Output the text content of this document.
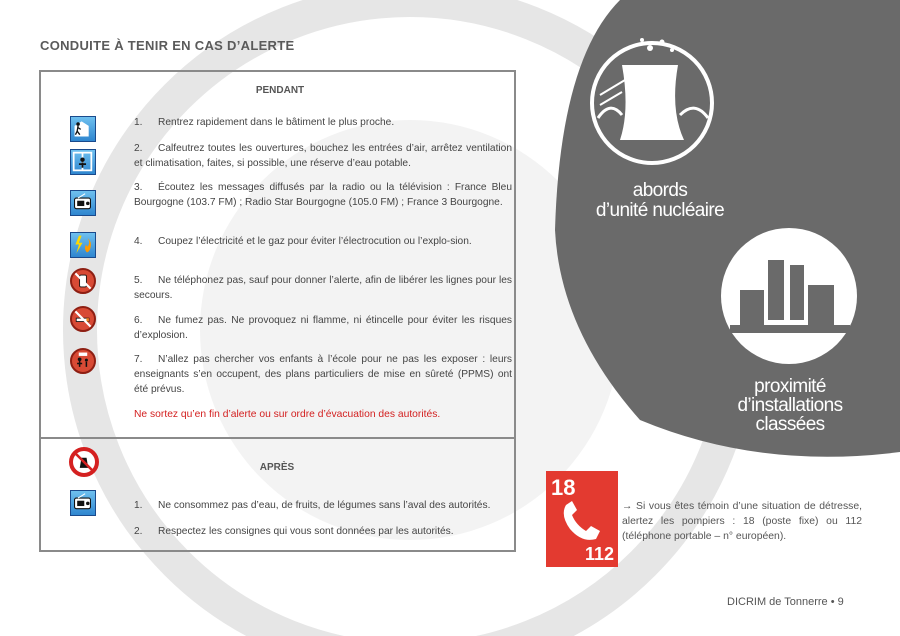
CONDUITE À TENIR EN CAS D’ALERTE
PENDANT
1. Rentrez rapidement dans le bâtiment le plus proche.
2. Calfeutrez toutes les ouvertures, bouchez les entrées d’air, arrêtez ventilation et climatisation, faites, si possible, une réserve d’eau potable.
3. Écoutez les messages diffusés par la radio ou la télévision : France Bleu Bourgogne (103.7 FM) ; Radio Star Bourgogne (105.0 FM) ; France 3 Bourgogne.
4. Coupez l’électricité et le gaz pour éviter l’électrocution ou l’explo-sion.
5. Ne téléphonez pas, sauf pour donner l’alerte, afin de libérer les lignes pour les secours.
6. Ne fumez pas. Ne provoquez ni flamme, ni étincelle pour éviter les risques d’explosion.
7. N’allez pas chercher vos enfants à l’école pour ne pas les exposer : leurs enseignants s’en occupent, des plans particuliers de mise en sûreté (PPMS) ont été prévus.
Ne sortez qu’en fin d’alerte ou sur ordre d’évacuation des autorités.
APRÈS
1. Ne consommez pas d’eau, de fruits, de légumes sans l’aval des autorités.
2. Respectez les consignes qui vous sont données par les autorités.
abords
d’unité nucléaire
proximité
d’installations
classées
18
112
→ Si vous êtes témoin d’une situation de détresse, alertez les pompiers : 18 (poste fixe) ou 112 (téléphone portable – n° européen).
DICRIM de Tonnerre • 9
